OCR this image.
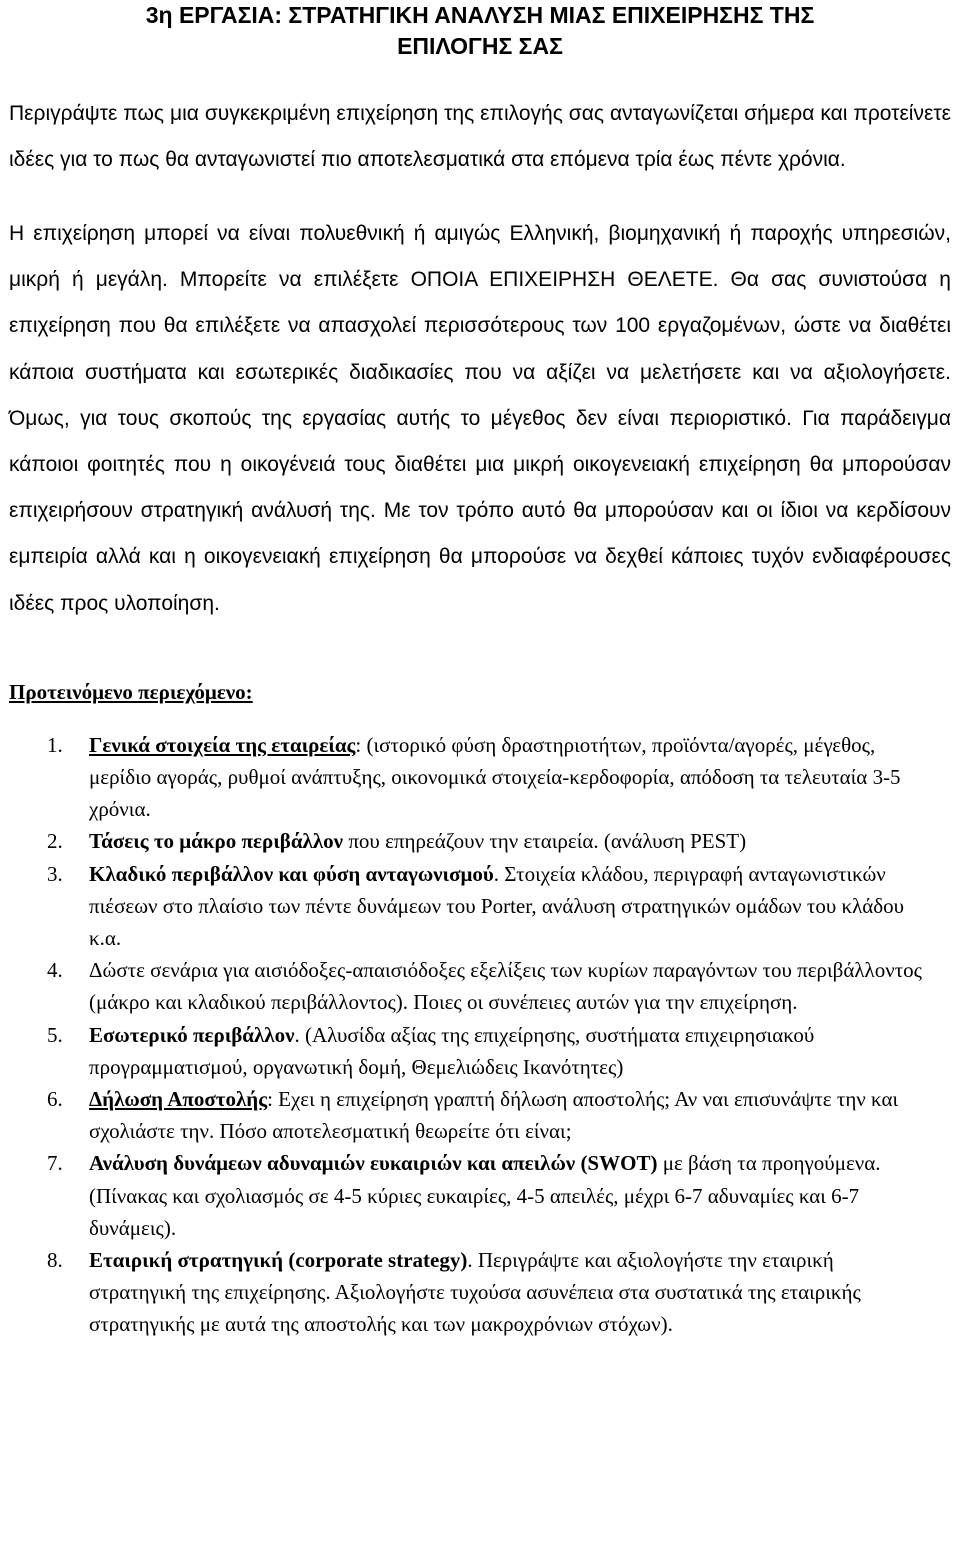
3η ΕΡΓΑΣΙΑ: ΣΤΡΑΤΗΓΙΚΗ ΑΝΑΛΥΣΗ ΜΙΑΣ ΕΠΙΧΕΙΡΗΣΗΣ ΤΗΣ
ΕΠΙΛΟΓΗΣ ΣΑΣ

Περιγράψτε πως μια συγκεκριμένη επιχείρηση της επιλογής σας ανταγωνίζεται σήμερα και προτείνετε ιδέες για το πως θα ανταγωνιστεί πιο αποτελεσματικά στα επόμενα τρία έως πέντε χρόνια.

Η επιχείρηση μπορεί να είναι πολυεθνική ή αμιγώς Ελληνική, βιομηχανική ή παροχής υπηρεσιών, μικρή ή μεγάλη. Μπορείτε να επιλέξετε ΟΠΟΙΑ ΕΠΙΧΕΙΡΗΣΗ ΘΕΛΕΤΕ. Θα σας συνιστούσα η επιχείρηση που θα επιλέξετε να απασχολεί περισσότερους των 100 εργαζομένων, ώστε να διαθέτει κάποια συστήματα και εσωτερικές διαδικασίες που να αξίζει να μελετήσετε και να αξιολογήσετε. Όμως, για τους σκοπούς της εργασίας αυτής το μέγεθος δεν είναι περιοριστικό. Για παράδειγμα κάποιοι φοιτητές που η οικογένειά τους διαθέτει μια μικρή οικογενειακή επιχείρηση θα μπορούσαν επιχειρήσουν στρατηγική ανάλυσή της. Με τον τρόπο αυτό θα μπορούσαν και οι ίδιοι να κερδίσουν εμπειρία αλλά και η οικογενειακή επιχείρηση θα μπορούσε να δεχθεί κάποιες τυχόν ενδιαφέρουσες ιδέες προς υλοποίηση.

Προτεινόμενο περιεχόμενο:
1. Γενικά στοιχεία της εταιρείας: (ιστορικό φύση δραστηριοτήτων, προϊόντα/αγορές, μέγεθος, μερίδιο αγοράς, ρυθμοί ανάπτυξης, οικονομικά στοιχεία-κερδοφορία, απόδοση τα τελευταία 3-5 χρόνια.
2. Τάσεις το μάκρο περιβάλλον που επηρεάζουν την εταιρεία. (ανάλυση PEST)
3. Κλαδικό περιβάλλον και φύση ανταγωνισμού. Στοιχεία κλάδου, περιγραφή ανταγωνιστικών πιέσεων στο πλαίσιο των πέντε δυνάμεων του Porter, ανάλυση στρατηγικών ομάδων του κλάδου κ.α.
4. Δώστε σενάρια για αισιόδοξες-απαισιόδοξες εξελίξεις των κυρίων παραγόντων του περιβάλλοντος (μάκρο και κλαδικού περιβάλλοντος). Ποιες οι συνέπειες αυτών για την επιχείρηση.
5. Εσωτερικό περιβάλλον. (Αλυσίδα αξίας της επιχείρησης, συστήματα επιχειρησιακού προγραμματισμού, οργανωτική δομή, Θεμελιώδεις Ικανότητες)
6. Δήλωση Αποστολής: Εχει η επιχείρηση γραπτή δήλωση αποστολής; Αν ναι επισυνάψτε την και σχολιάστε την. Πόσο αποτελεσματική θεωρείτε ότι είναι;
7. Ανάλυση δυνάμεων αδυναμιών ευκαιριών και απειλών (SWOT) με βάση τα προηγούμενα. (Πίνακας και σχολιασμός σε 4-5 κύριες ευκαιρίες, 4-5 απειλές, μέχρι 6-7 αδυναμίες και 6-7 δυνάμεις).
8. Εταιρική στρατηγική (corporate strategy). Περιγράψτε και αξιολογήστε την εταιρική στρατηγική της επιχείρησης. Αξιολογήστε τυχούσα ασυνέπεια στα συστατικά της εταιρικής στρατηγικής με αυτά της αποστολής και των μακροχρόνιων στόχων).
